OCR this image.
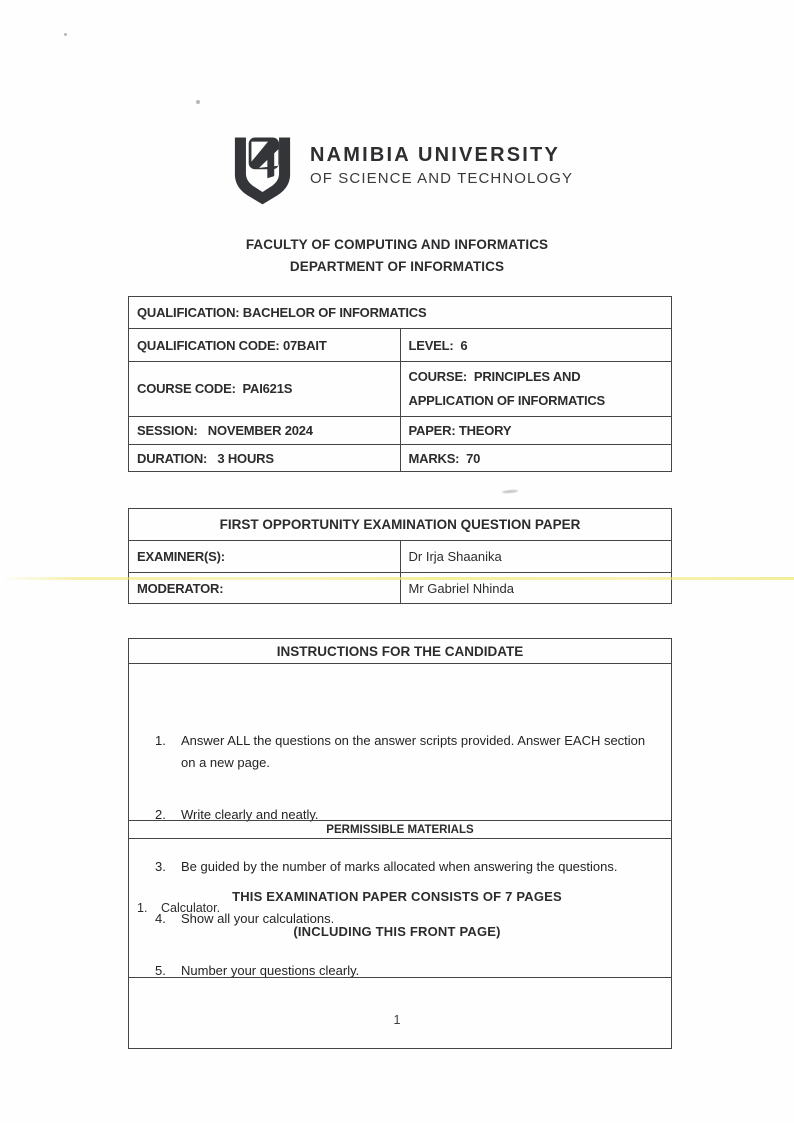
NAMIBIA UNIVERSITY
OF SCIENCE AND TECHNOLOGY
FACULTY OF COMPUTING AND INFORMATICS
DEPARTMENT OF INFORMATICS
QUALIFICATION: BACHELOR OF INFORMATICS	
QUALIFICATION CODE: 07BAIT	LEVEL:  6
COURSE CODE:  PAI621S	COURSE:  PRINCIPLES AND APPLICATION OF INFORMATICS
SESSION:   NOVEMBER 2024	PAPER: THEORY
DURATION:   3 HOURS	MARKS:  70
FIRST OPPORTUNITY EXAMINATION QUESTION PAPER	
EXAMINER(S):	Dr Irja Shaanika
MODERATOR:	Mr Gabriel Nhinda
INSTRUCTIONS FOR THE CANDIDATE

Answer ALL the questions on the answer scripts provided. Answer EACH section on a new page.

Write clearly and neatly.

Be guided by the number of marks allocated when answering the questions.

Show all your calculations.

Number your questions clearly.

PERMISSIBLE MATERIALS

Calculator.

THIS EXAMINATION PAPER CONSISTS OF 7 PAGES
(INCLUDING THIS FRONT PAGE)
1
